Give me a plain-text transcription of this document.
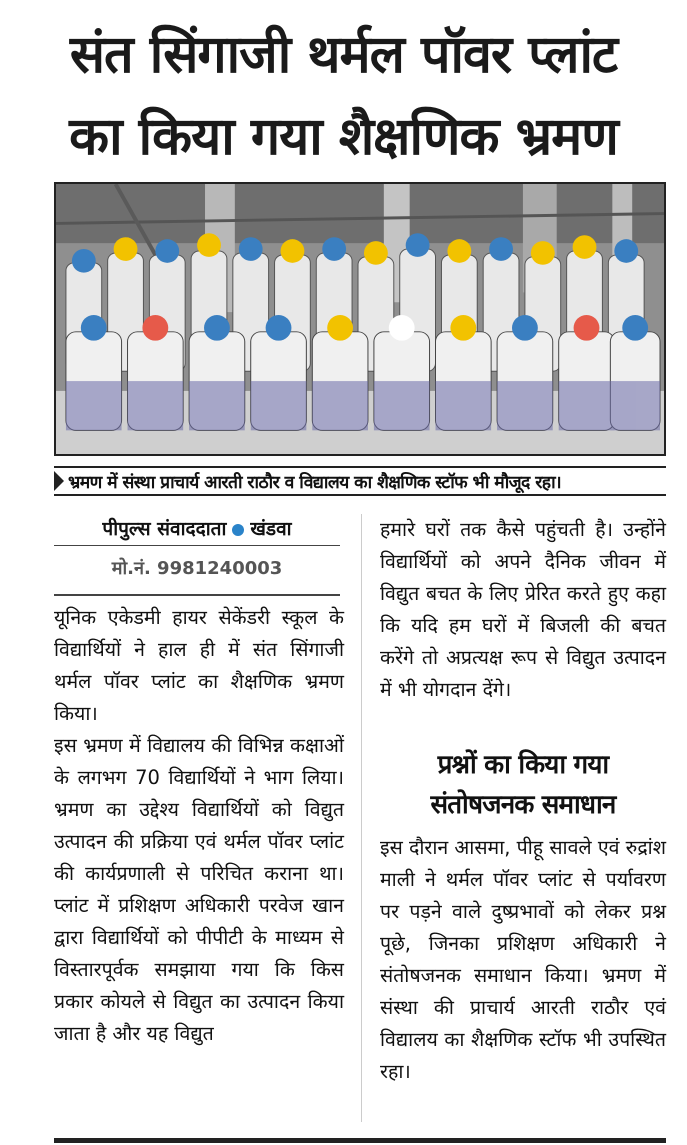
संत सिंगाजी थर्मल पॉवर प्लांट
का किया गया शैक्षणिक भ्रमण
भ्रमण में संस्था प्राचार्य आरती राठौर व विद्यालय का शैक्षणिक स्टॉफ भी मौजूद रहा।
पीपुल्स संवाददाता खंडवा
मो.नं. 9981240003

यूनिक एकेडमी हायर सेकेंडरी स्कूल के विद्यार्थियों ने हाल ही में संत सिंगाजी थर्मल पॉवर प्लांट का शैक्षणिक भ्रमण किया।

इस भ्रमण में विद्यालय की विभिन्न कक्षाओं के लगभग 70 विद्यार्थियों ने भाग लिया। भ्रमण का उद्देश्य विद्यार्थियों को विद्युत उत्पादन की प्रक्रिया एवं थर्मल पॉवर प्लांट की कार्यप्रणाली से परिचित कराना था। प्लांट में प्रशिक्षण अधिकारी परवेज खान द्वारा विद्यार्थियों को पीपीटी के माध्यम से विस्तारपूर्वक समझाया गया कि किस प्रकार कोयले से विद्युत का उत्पादन किया जाता है और यह विद्युत

हमारे घरों तक कैसे पहुंचती है। उन्होंने विद्यार्थियों को अपने दैनिक जीवन में विद्युत बचत के लिए प्रेरित करते हुए कहा कि यदि हम घरों में बिजली की बचत करेंगे तो अप्रत्यक्ष रूप से विद्युत उत्पादन में भी योगदान देंगे।

प्रश्नों का किया गया
संतोषजनक समाधान

इस दौरान आसमा, पीहू सावले एवं रुद्रांश माली ने थर्मल पॉवर प्लांट से पर्यावरण पर पड़ने वाले दुष्प्रभावों को लेकर प्रश्न पूछे, जिनका प्रशिक्षण अधिकारी ने संतोषजनक समाधान किया। भ्रमण में संस्था की प्राचार्य आरती राठौर एवं विद्यालय का शैक्षणिक स्टॉफ भी उपस्थित रहा।
